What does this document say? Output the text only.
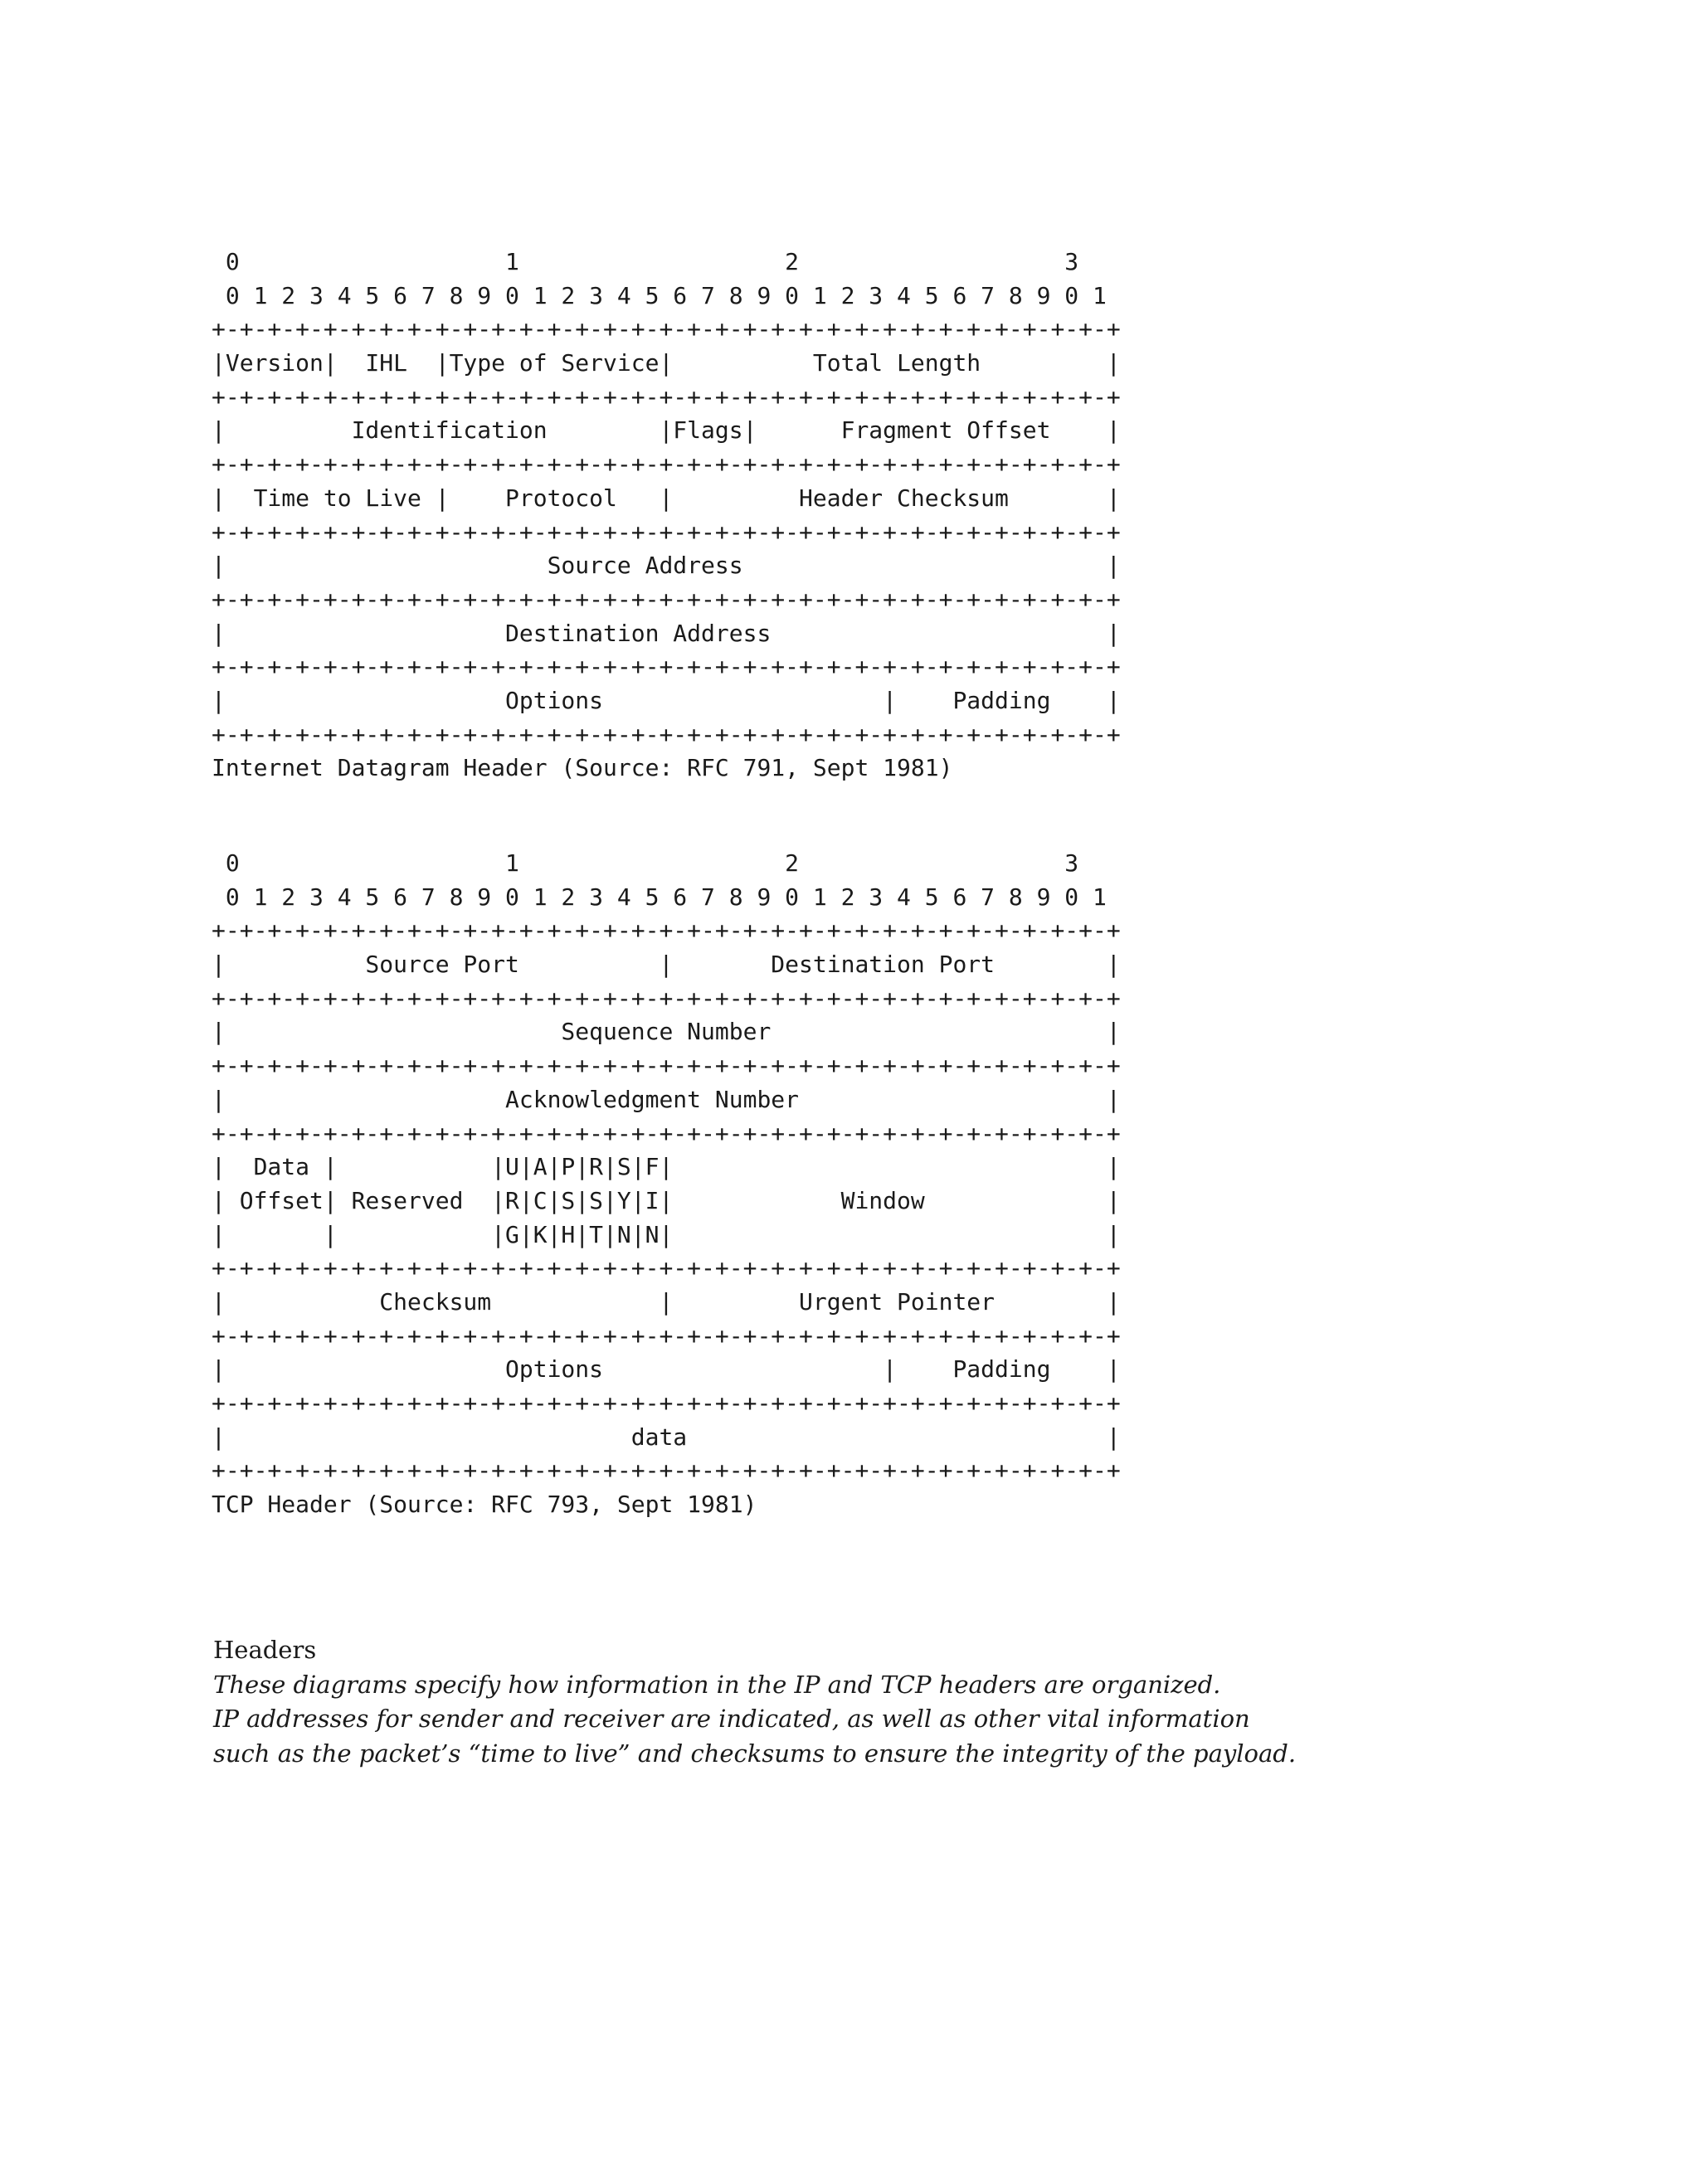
0                   1                   2                   3
0 1 2 3 4 5 6 7 8 9 0 1 2 3 4 5 6 7 8 9 0 1 2 3 4 5 6 7 8 9 0 1
+-+-+-+-+-+-+-+-+-+-+-+-+-+-+-+-+-+-+-+-+-+-+-+-+-+-+-+-+-+-+-+-+
|Version|  IHL  |Type of Service|          Total Length         |
+-+-+-+-+-+-+-+-+-+-+-+-+-+-+-+-+-+-+-+-+-+-+-+-+-+-+-+-+-+-+-+-+
|         Identification        |Flags|      Fragment Offset    |
+-+-+-+-+-+-+-+-+-+-+-+-+-+-+-+-+-+-+-+-+-+-+-+-+-+-+-+-+-+-+-+-+
|  Time to Live |    Protocol   |         Header Checksum       |
+-+-+-+-+-+-+-+-+-+-+-+-+-+-+-+-+-+-+-+-+-+-+-+-+-+-+-+-+-+-+-+-+
|                       Source Address                          |
+-+-+-+-+-+-+-+-+-+-+-+-+-+-+-+-+-+-+-+-+-+-+-+-+-+-+-+-+-+-+-+-+
|                    Destination Address                        |
+-+-+-+-+-+-+-+-+-+-+-+-+-+-+-+-+-+-+-+-+-+-+-+-+-+-+-+-+-+-+-+-+
|                    Options                    |    Padding    |
+-+-+-+-+-+-+-+-+-+-+-+-+-+-+-+-+-+-+-+-+-+-+-+-+-+-+-+-+-+-+-+-+
Internet Datagram Header (Source: RFC 791, Sept 1981)
0                   1                   2                   3
0 1 2 3 4 5 6 7 8 9 0 1 2 3 4 5 6 7 8 9 0 1 2 3 4 5 6 7 8 9 0 1
+-+-+-+-+-+-+-+-+-+-+-+-+-+-+-+-+-+-+-+-+-+-+-+-+-+-+-+-+-+-+-+-+
|          Source Port          |       Destination Port        |
+-+-+-+-+-+-+-+-+-+-+-+-+-+-+-+-+-+-+-+-+-+-+-+-+-+-+-+-+-+-+-+-+
|                        Sequence Number                        |
+-+-+-+-+-+-+-+-+-+-+-+-+-+-+-+-+-+-+-+-+-+-+-+-+-+-+-+-+-+-+-+-+
|                    Acknowledgment Number                      |
+-+-+-+-+-+-+-+-+-+-+-+-+-+-+-+-+-+-+-+-+-+-+-+-+-+-+-+-+-+-+-+-+
|  Data |           |U|A|P|R|S|F|                               |
| Offset| Reserved  |R|C|S|S|Y|I|            Window             |
|       |           |G|K|H|T|N|N|                               |
+-+-+-+-+-+-+-+-+-+-+-+-+-+-+-+-+-+-+-+-+-+-+-+-+-+-+-+-+-+-+-+-+
|           Checksum            |         Urgent Pointer        |
+-+-+-+-+-+-+-+-+-+-+-+-+-+-+-+-+-+-+-+-+-+-+-+-+-+-+-+-+-+-+-+-+
|                    Options                    |    Padding    |
+-+-+-+-+-+-+-+-+-+-+-+-+-+-+-+-+-+-+-+-+-+-+-+-+-+-+-+-+-+-+-+-+
|                             data                              |
+-+-+-+-+-+-+-+-+-+-+-+-+-+-+-+-+-+-+-+-+-+-+-+-+-+-+-+-+-+-+-+-+
TCP Header (Source: RFC 793, Sept 1981)
Headers
These diagrams specify how information in the IP and TCP headers are organized.
IP addresses for sender and receiver are indicated, as well as other vital information
such as the packet’s “time to live” and checksums to ensure the integrity of the payload.
